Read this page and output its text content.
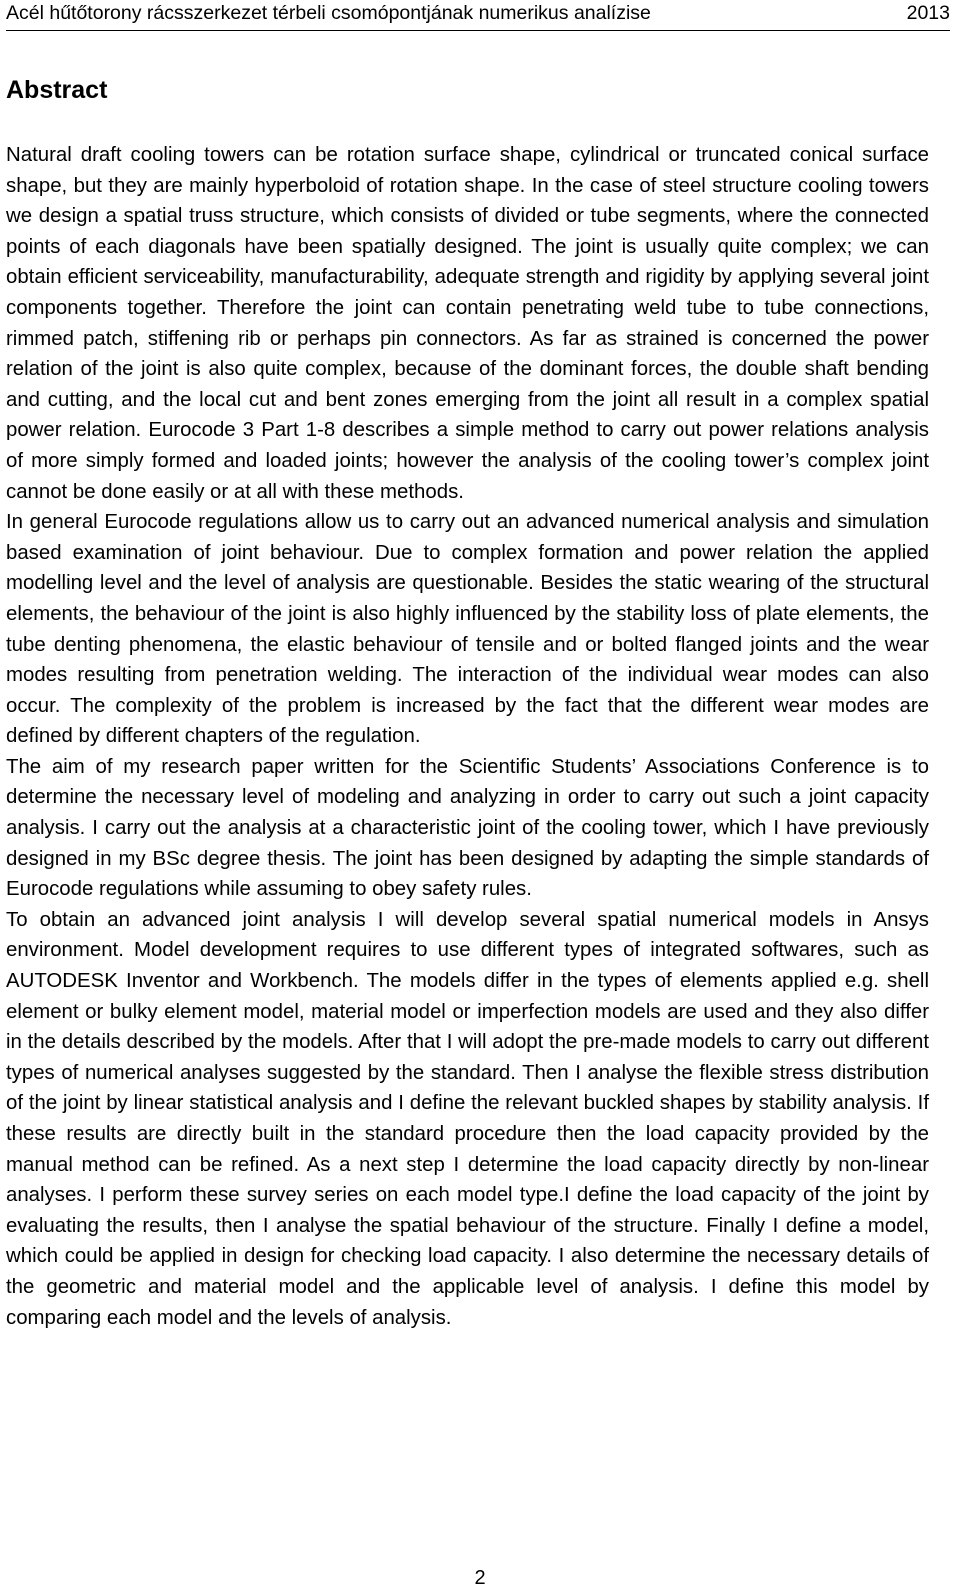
Acél hűtőtorony rácsszerkezet térbeli csomópontjának numerikus analízise	2013
Abstract

Natural draft cooling towers can be rotation surface shape, cylindrical or truncated conical surface shape, but they are mainly hyperboloid of rotation shape. In the case of steel structure cooling towers we design a spatial truss structure, which consists of divided or tube segments, where the connected points of each diagonals have been spatially designed. The joint is usually quite complex; we can obtain efficient serviceability, manufacturability, adequate strength and rigidity by applying several joint components together. Therefore the joint can contain penetrating weld tube to tube connections, rimmed patch, stiffening rib or perhaps pin connectors. As far as strained is concerned the power relation of the joint is also quite complex, because of the dominant forces, the double shaft bending and cutting, and the local cut and bent zones emerging from the joint all result in a complex spatial power relation. Eurocode 3 Part 1-8 describes a simple method to carry out power relations analysis of more simply formed and loaded joints; however the analysis of the cooling tower’s complex joint cannot be done easily or at all with these methods.

In general Eurocode regulations allow us to carry out an advanced numerical analysis and simulation based examination of joint behaviour. Due to complex formation and power relation the applied modelling level and the level of analysis are questionable. Besides the static wearing of the structural elements, the behaviour of the joint is also highly influenced by the stability loss of plate elements, the tube denting phenomena, the elastic behaviour of tensile and or bolted flanged joints and the wear modes resulting from penetration welding. The interaction of the individual wear modes can also occur. The complexity of the problem is increased by the fact that the different wear modes are defined by different chapters of the regulation.

The aim of my research paper written for the Scientific Students’ Associations Conference is to determine the necessary level of modeling and analyzing in order to carry out such a joint capacity analysis. I carry out the analysis at a characteristic joint of the cooling tower, which I have previously designed in my BSc degree thesis. The joint has been designed by adapting the simple standards of Eurocode regulations while assuming to obey safety rules.

To obtain an advanced joint analysis I will develop several spatial numerical models in Ansys environment. Model development requires to use different types of integrated softwares, such as AUTODESK Inventor and Workbench. The models differ in the types of elements applied e.g. shell element or bulky element model, material model or imperfection models are used and they also differ in the details described by the models. After that I will adopt the pre-made models to carry out different types of numerical analyses suggested by the standard. Then I analyse the flexible stress distribution of the joint by linear statistical analysis and I define the relevant buckled shapes by stability analysis. If these results are directly built in the standard procedure then the load capacity provided by the manual method can be refined. As a next step I determine the load capacity directly by non-linear analyses. I perform these survey series on each model type.I define the load capacity of the joint by evaluating the results, then I analyse the spatial behaviour of the structure. Finally I define a model, which could be applied in design for checking load capacity. I also determine the necessary details of the geometric and material model and the applicable level of analysis. I define this model by comparing each model and the levels of analysis.

2
